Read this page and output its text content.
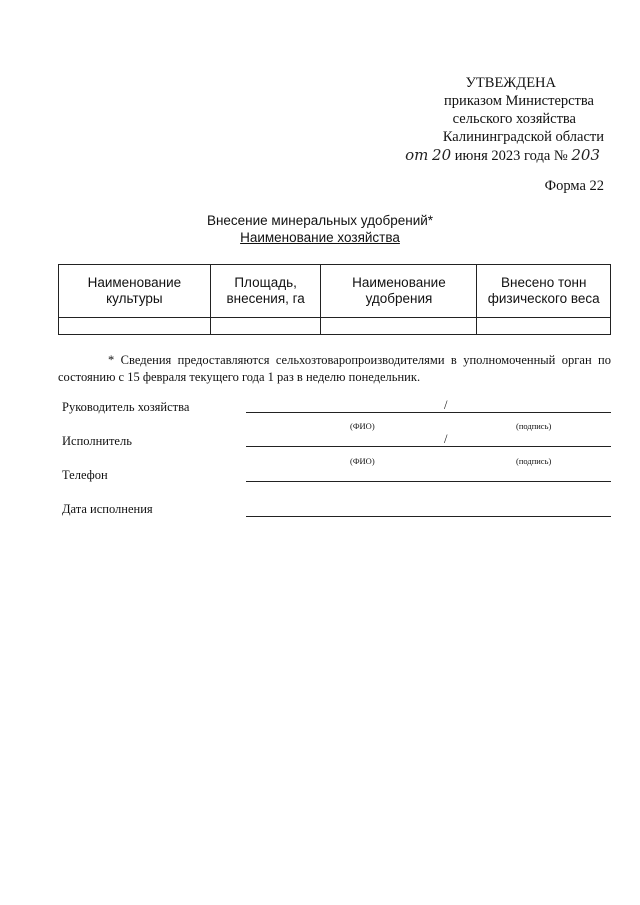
УТВЕЖДЕНА
приказом Министерства
сельского хозяйства
Калининградской области
от 20 июня 2023 года № 203
Форма 22
Внесение минеральных удобрений*
Наименование хозяйства
Наименование культуры	Площадь, внесения, га	Наименование удобрения	Внесено тонн физического веса

* Сведения предоставляются сельхозтоваропроизводителями в уполномоченный орган по состоянию с 15 февраля текущего года 1 раз в неделю понедельник.
Руководитель хозяйства	/
(ФИО)	(подпись)
Исполнитель	/
(ФИО)	(подпись)
Телефон
Дата исполнения
